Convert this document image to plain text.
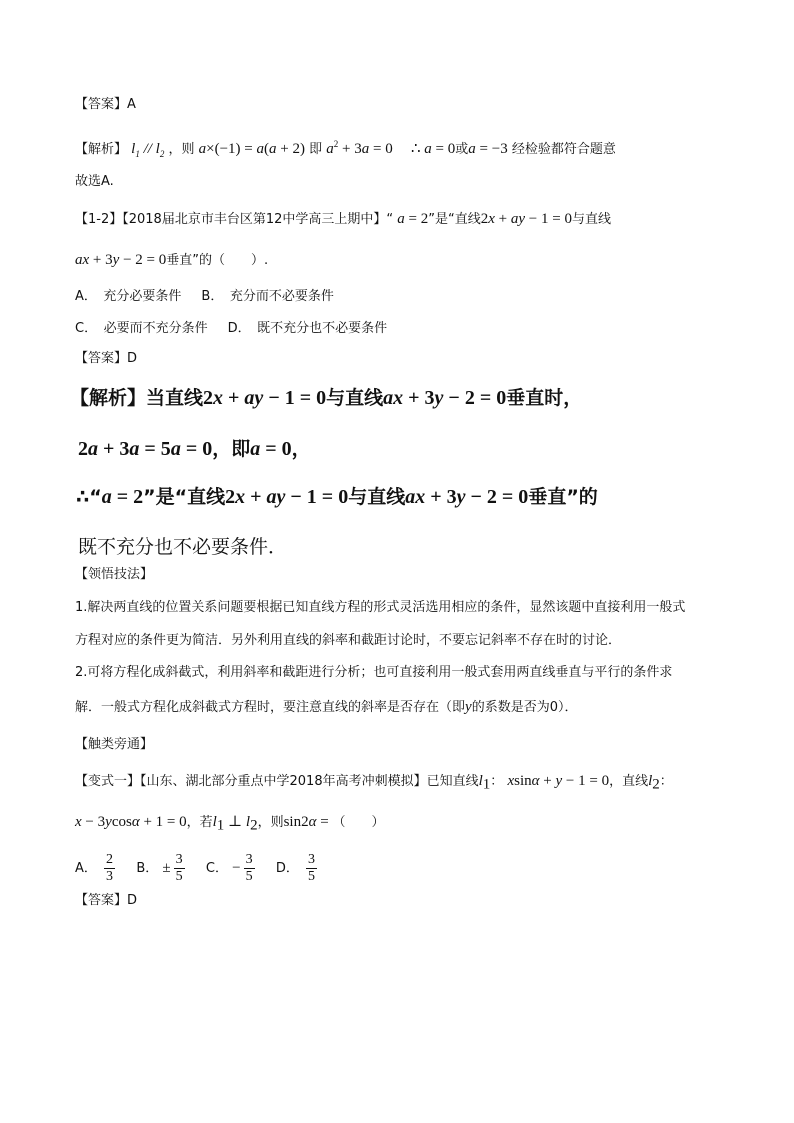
【答案】A
【解析】 $l_1 // l_2$ ，则 a×(−1) = a(a + 2) 即 $a^2 + 3a = 0$ ∴ a = 0或a = −3 经检验都符合题意
故选A.
【1-2】【2018届北京市丰台区第12中学高三上期中】“ a = 2”是“直线2x + ay − 1 = 0与直线
ax + 3y − 2 = 0垂直”的（　　）.
A．　充分必要条件 B．　充分而不必要条件
C．　必要而不充分条件 D．　既不充分也不必要条件
【答案】D
【解析】当直线2x + ay − 1 = 0与直线ax + 3y − 2 = 0垂直时，
2a + 3a = 5a = 0，即a = 0，
∴“a = 2”是“直线2x + ay − 1 = 0与直线ax + 3y − 2 = 0垂直”的
既不充分也不必要条件．
【领悟技法】
1.解决两直线的位置关系问题要根据已知直线方程的形式灵活选用相应的条件，显然该题中直接利用一般式
方程对应的条件更为简洁．另外利用直线的斜率和截距讨论时，不要忘记斜率不存在时的讨论．
2.可将方程化成斜截式，利用斜率和截距进行分析；也可直接利用一般式套用两直线垂直与平行的条件求
解．一般式方程化成斜截式方程时，要注意直线的斜率是否存在（即y的系数是否为0）．
【触类旁通】
【变式一】【山东、湖北部分重点中学2018年高考冲刺模拟】已知直线$l_1$： xsinα + y − 1 = 0，直线$l_2$：
x − 3ycosα + 1 = 0，若$l_1$ ⊥ $l_2$，则sin2α = （　　）
A． $\frac{2}{3}$ B． ± $\frac{3}{5}$ C． − $\frac{3}{5}$ D． $\frac{3}{5}$
【答案】D
